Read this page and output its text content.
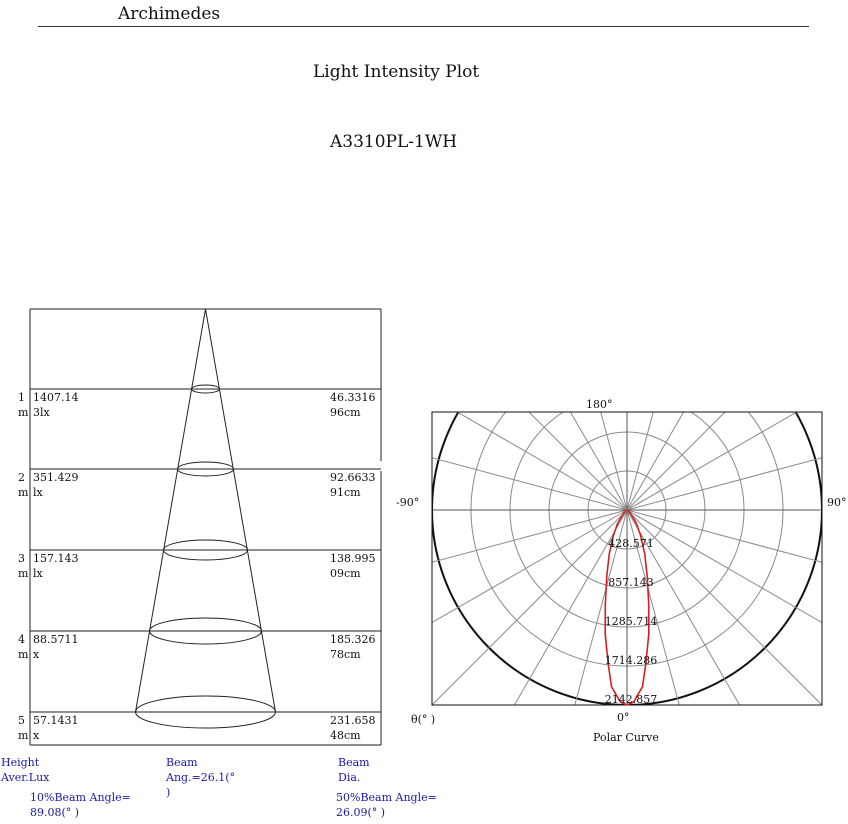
Archimedes
Light Intensity Plot
A3310PL-1WH
1
m
1407.14
3lx
46.3316
96cm
2
m
351.429
lx
92.6633
91cm
3
m
157.143
lx
138.995
09cm
4
m
88.5711
x
185.326
78cm
5
m
57.1431
x
231.658
48cm
Height
Aver.Lux
Beam
Ang.=26.1(°
)
Beam
Dia.
10%Beam Angle=
89.08(° )
50%Beam Angle=
26.09(° )
428.571
857.143
1285.714
1714.286
2142.857
180°
-90°	90°
0°
θ(° )
Polar Curve
